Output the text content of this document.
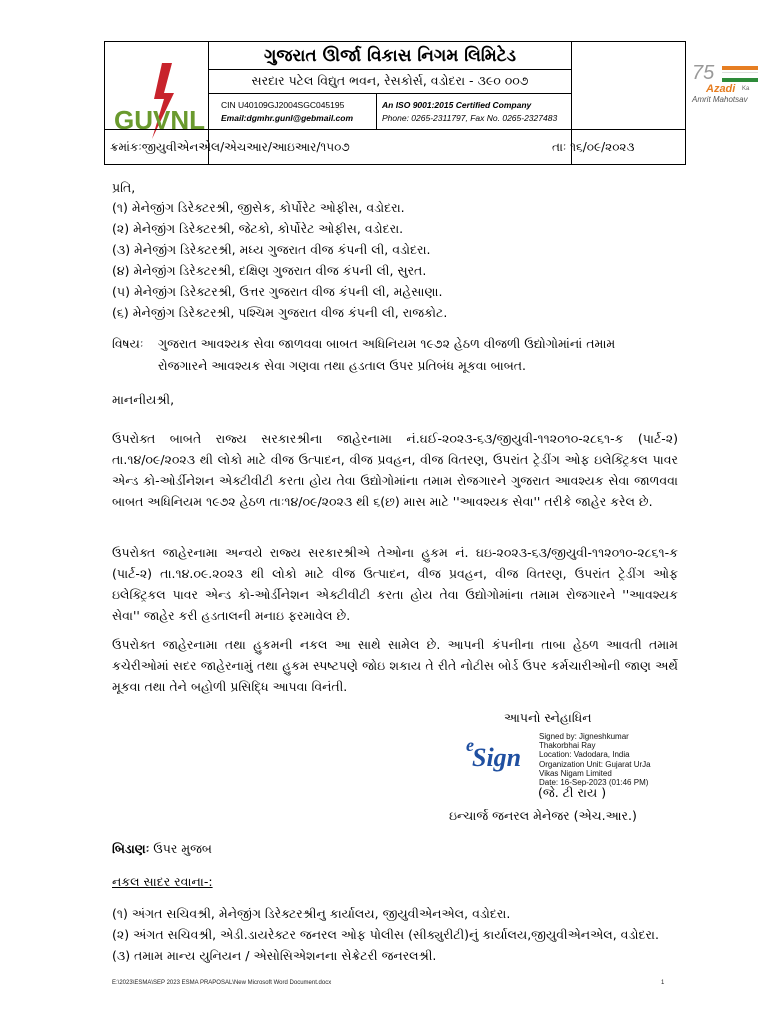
GUVNL
75
Azadi Ka
Amrit Mahotsav
ગુજરાત ઊર્જા વિકાસ નિગમ લિમિટેડ
સરદાર પટેલ વિદ્યુત ભવન, રેસકોર્સ, વડોદરા - ૩૯૦ ૦૦૭
CIN U40109GJ2004SGC045195
Email:dgmhr.gunl@gebmail.com
An ISO 9001:2015 Certified Company
Phone: 0265-2311797, Fax No. 0265-2327483
ક્રમાંકઃજીયુવીએનએલ/એચઆર/આઇઆર/૧૫૦૭	તાઃ ૧૬/૦૯/૨૦૨૩
પ્રતિ,
(૧) મેનેજીંગ ડિરેક્ટરશ્રી, જીસેક, કોર્પોરેટ ઓફીસ, વડોદરા.
(૨) મેનેજીંગ ડિરેક્ટરશ્રી, જેટકો, કોર્પોરેટ ઓફીસ, વડોદરા.
(૩) મેનેજીંગ ડિરેક્ટરશ્રી, મધ્ય ગુજરાત વીજ કંપની લી, વડોદરા.
(૪) મેનેજીંગ ડિરેક્ટરશ્રી, દક્ષિણ ગુજરાત વીજ કંપની લી, સુરત.
(૫) મેનેજીંગ ડિરેક્ટરશ્રી, ઉત્તર ગુજરાત વીજ કંપની લી, મહેસાણા.
(૬) મેનેજીંગ ડિરેક્ટરશ્રી, પશ્ચિમ ગુજરાત વીજ કંપની લી, રાજકોટ.
વિષયઃ ગુજરાત આવશ્યક સેવા જાળવવા બાબત અધિનિયમ ૧૯૭૨ હેઠળ વીજળી ઉદ્યોગોમાંનાં તમામ
રોજગારને આવશ્યક સેવા ગણવા તથા હડતાલ ઉપર પ્રતિબંધ મૂકવા બાબત.
માનનીયશ્રી,
ઉપરોક્ત બાબતે રાજ્ય સરકારશ્રીના જાહેરનામા નં.ઘઈ-૨૦૨૩-૬૩/જીયુવી-૧૧૨૦૧૦-૨૮૬૧-ક (પાર્ટ-૨) તા.૧૪/૦૯/૨૦૨૩ થી લોકો માટે વીજ ઉત્પાદન, વીજ પ્રવહન, વીજ વિતરણ, ઉપરાંત ટ્રેડીંગ ઓફ ઇલેક્ટ્રિકલ પાવર એન્ડ કો-ઓર્ડીનેશન એક્ટીવીટી કરતા હોય તેવા ઉદ્યોગોમાંના તમામ રોજગારને ગુજરાત આવશ્યક સેવા જાળવવા બાબત અધિનિયમ ૧૯૭૨ હેઠળ તાઃ૧૪/૦૯/૨૦૨૩ થી ૬(છ) માસ માટે ''આવશ્યક સેવા'' તરીકે જાહેર કરેલ છે.
ઉપરોક્ત જાહેરનામા અન્વયે રાજ્ય સરકારશ્રીએ તેઓના હુકમ નં. ઘઇ-૨૦૨૩-૬૩/જીયુવી-૧૧૨૦૧૦-૨૮૬૧-ક (પાર્ટ-૨) તા.૧૪.૦૯.૨૦૨૩ થી લોકો માટે વીજ ઉત્પાદન, વીજ પ્રવહન, વીજ વિતરણ, ઉપરાંત ટ્રેડીંગ ઓફ ઇલેક્ટ્રિકલ પાવર એન્ડ કો-ઓર્ડીનેશન એક્ટીવીટી કરતા હોય તેવા ઉદ્યોગોમાંના તમામ રોજગારને ''આવશ્યક સેવા'' જાહેર કરી હડતાલની મનાઇ ફરમાવેલ છે.
ઉપરોક્ત જાહેરનામા તથા હુકમની નકલ આ સાથે સામેલ છે. આપની કંપનીના તાબા હેઠળ આવતી તમામ કચેરીઓમાં સદર જાહેરનામું તથા હુકમ સ્પષ્ટપણે જોઇ શકાય તે રીતે નોટીસ બોર્ડ ઉપર કર્મચારીઓની જાણ અર્થે મૂકવા તથા તેને બહોળી પ્રસિદ્ધિ આપવા વિનંતી.
આપનો સ્નેહાધિન
e
Sign
Signed by: Jigneshkumar
Thakorbhai Ray
Location: Vadodara, India
Organization Unit: Gujarat UrJa
Vikas Nigam Limited
Date: 16-Sep-2023 (01:46 PM)
(જે. ટી રાય )
ઇન્ચાર્જ જનરલ મેનેજર (એચ.આર.)
બિડાણઃ ઉપર મુજબ
નકલ સાદર રવાના-:
(૧) અંગત સચિવશ્રી, મેનેજીંગ ડિરેક્ટરશ્રીનુ કાર્યાલય, જીયુવીએનએલ, વડોદરા.
(૨) અંગત સચિવશ્રી, એડી.ડાયરેક્ટર જનરલ ઓફ પોલીસ (સીક્યુરીટી)નું કાર્યાલય,જીયુવીએનએલ, વડોદરા.
(૩) તમામ માન્ય યુનિયન / એસોસિએશનના સેક્રેટરી જનરલશ્રી.
E:\2023\ESMA\SEP 2023 ESMA PRAPOSAL\New Microsoft Word Document.docx	1
